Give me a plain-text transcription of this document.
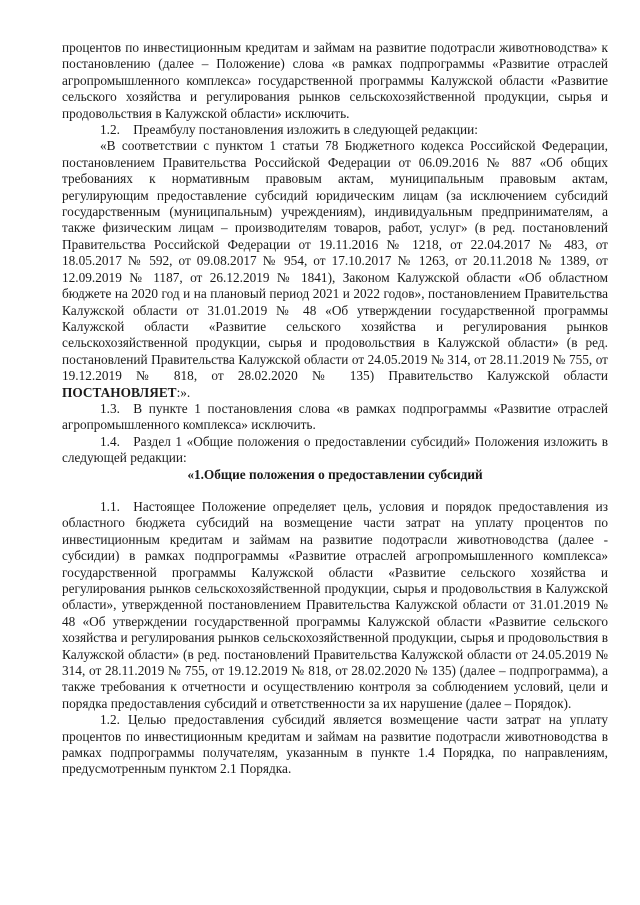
процентов по инвестиционным кредитам и займам на развитие подотрасли животноводства» к постановлению (далее – Положение) слова «в рамках подпрограммы «Развитие отраслей агропромышленного комплекса» государственной программы Калужской области «Развитие сельского хозяйства и регулирования рынков сельскохозяйственной продукции, сырья и продовольствия в Калужской области» исключить.

1.2. Преамбулу постановления изложить в следующей редакции:

«В соответствии с пунктом 1 статьи 78 Бюджетного кодекса Российской Федерации, постановлением Правительства Российской Федерации от 06.09.2016 № 887 «Об общих требованиях к нормативным правовым актам, муниципальным правовым актам, регулирующим предоставление субсидий юридическим лицам (за исключением субсидий государственным (муниципальным) учреждениям), индивидуальным предпринимателям, а также физическим лицам – производителям товаров, работ, услуг» (в ред. постановлений Правительства Российской Федерации от 19.11.2016 № 1218, от 22.04.2017 № 483, от 18.05.2017 № 592, от 09.08.2017 № 954, от 17.10.2017 № 1263, от 20.11.2018 № 1389, от 12.09.2019 № 1187, от 26.12.2019 № 1841), Законом Калужской области «Об областном бюджете на 2020 год и на плановый период 2021 и 2022 годов», постановлением Правительства Калужской области от 31.01.2019 № 48 «Об утверждении государственной программы Калужской области «Развитие сельского хозяйства и регулирования рынков сельскохозяйственной продукции, сырья и продовольствия в Калужской области» (в ред. постановлений Правительства Калужской области от 24.05.2019 № 314, от 28.11.2019 № 755, от 19.12.2019 № 818, от 28.02.2020 № 135) Правительство Калужской области ПОСТАНОВЛЯЕТ:».

1.3. В пункте 1 постановления слова «в рамках подпрограммы «Развитие отраслей агропромышленного комплекса» исключить.

1.4. Раздел 1 «Общие положения о предоставлении субсидий» Положения изложить в следующей редакции:

«1.Общие положения о предоставлении субсидий

1.1. Настоящее Положение определяет цель, условия и порядок предоставления из областного бюджета субсидий на возмещение части затрат на уплату процентов по инвестиционным кредитам и займам на развитие подотрасли животноводства (далее - субсидии) в рамках подпрограммы «Развитие отраслей агропромышленного комплекса» государственной программы Калужской области «Развитие сельского хозяйства и регулирования рынков сельскохозяйственной продукции, сырья и продовольствия в Калужской области», утвержденной постановлением Правительства Калужской области от 31.01.2019 № 48 «Об утверждении государственной программы Калужской области «Развитие сельского хозяйства и регулирования рынков сельскохозяйственной продукции, сырья и продовольствия в Калужской области» (в ред. постановлений Правительства Калужской области от 24.05.2019 № 314, от 28.11.2019 № 755, от 19.12.2019 № 818, от 28.02.2020 № 135) (далее – подпрограмма), а также требования к отчетности и осуществлению контроля за соблюдением условий, цели и порядка предоставления субсидий и ответственности за их нарушение (далее – Порядок).

1.2. Целью предоставления субсидий является возмещение части затрат на уплату процентов по инвестиционным кредитам и займам на развитие подотрасли животноводства в рамках подпрограммы получателям, указанным в пункте 1.4 Порядка, по направлениям, предусмотренным пунктом 2.1 Порядка.
